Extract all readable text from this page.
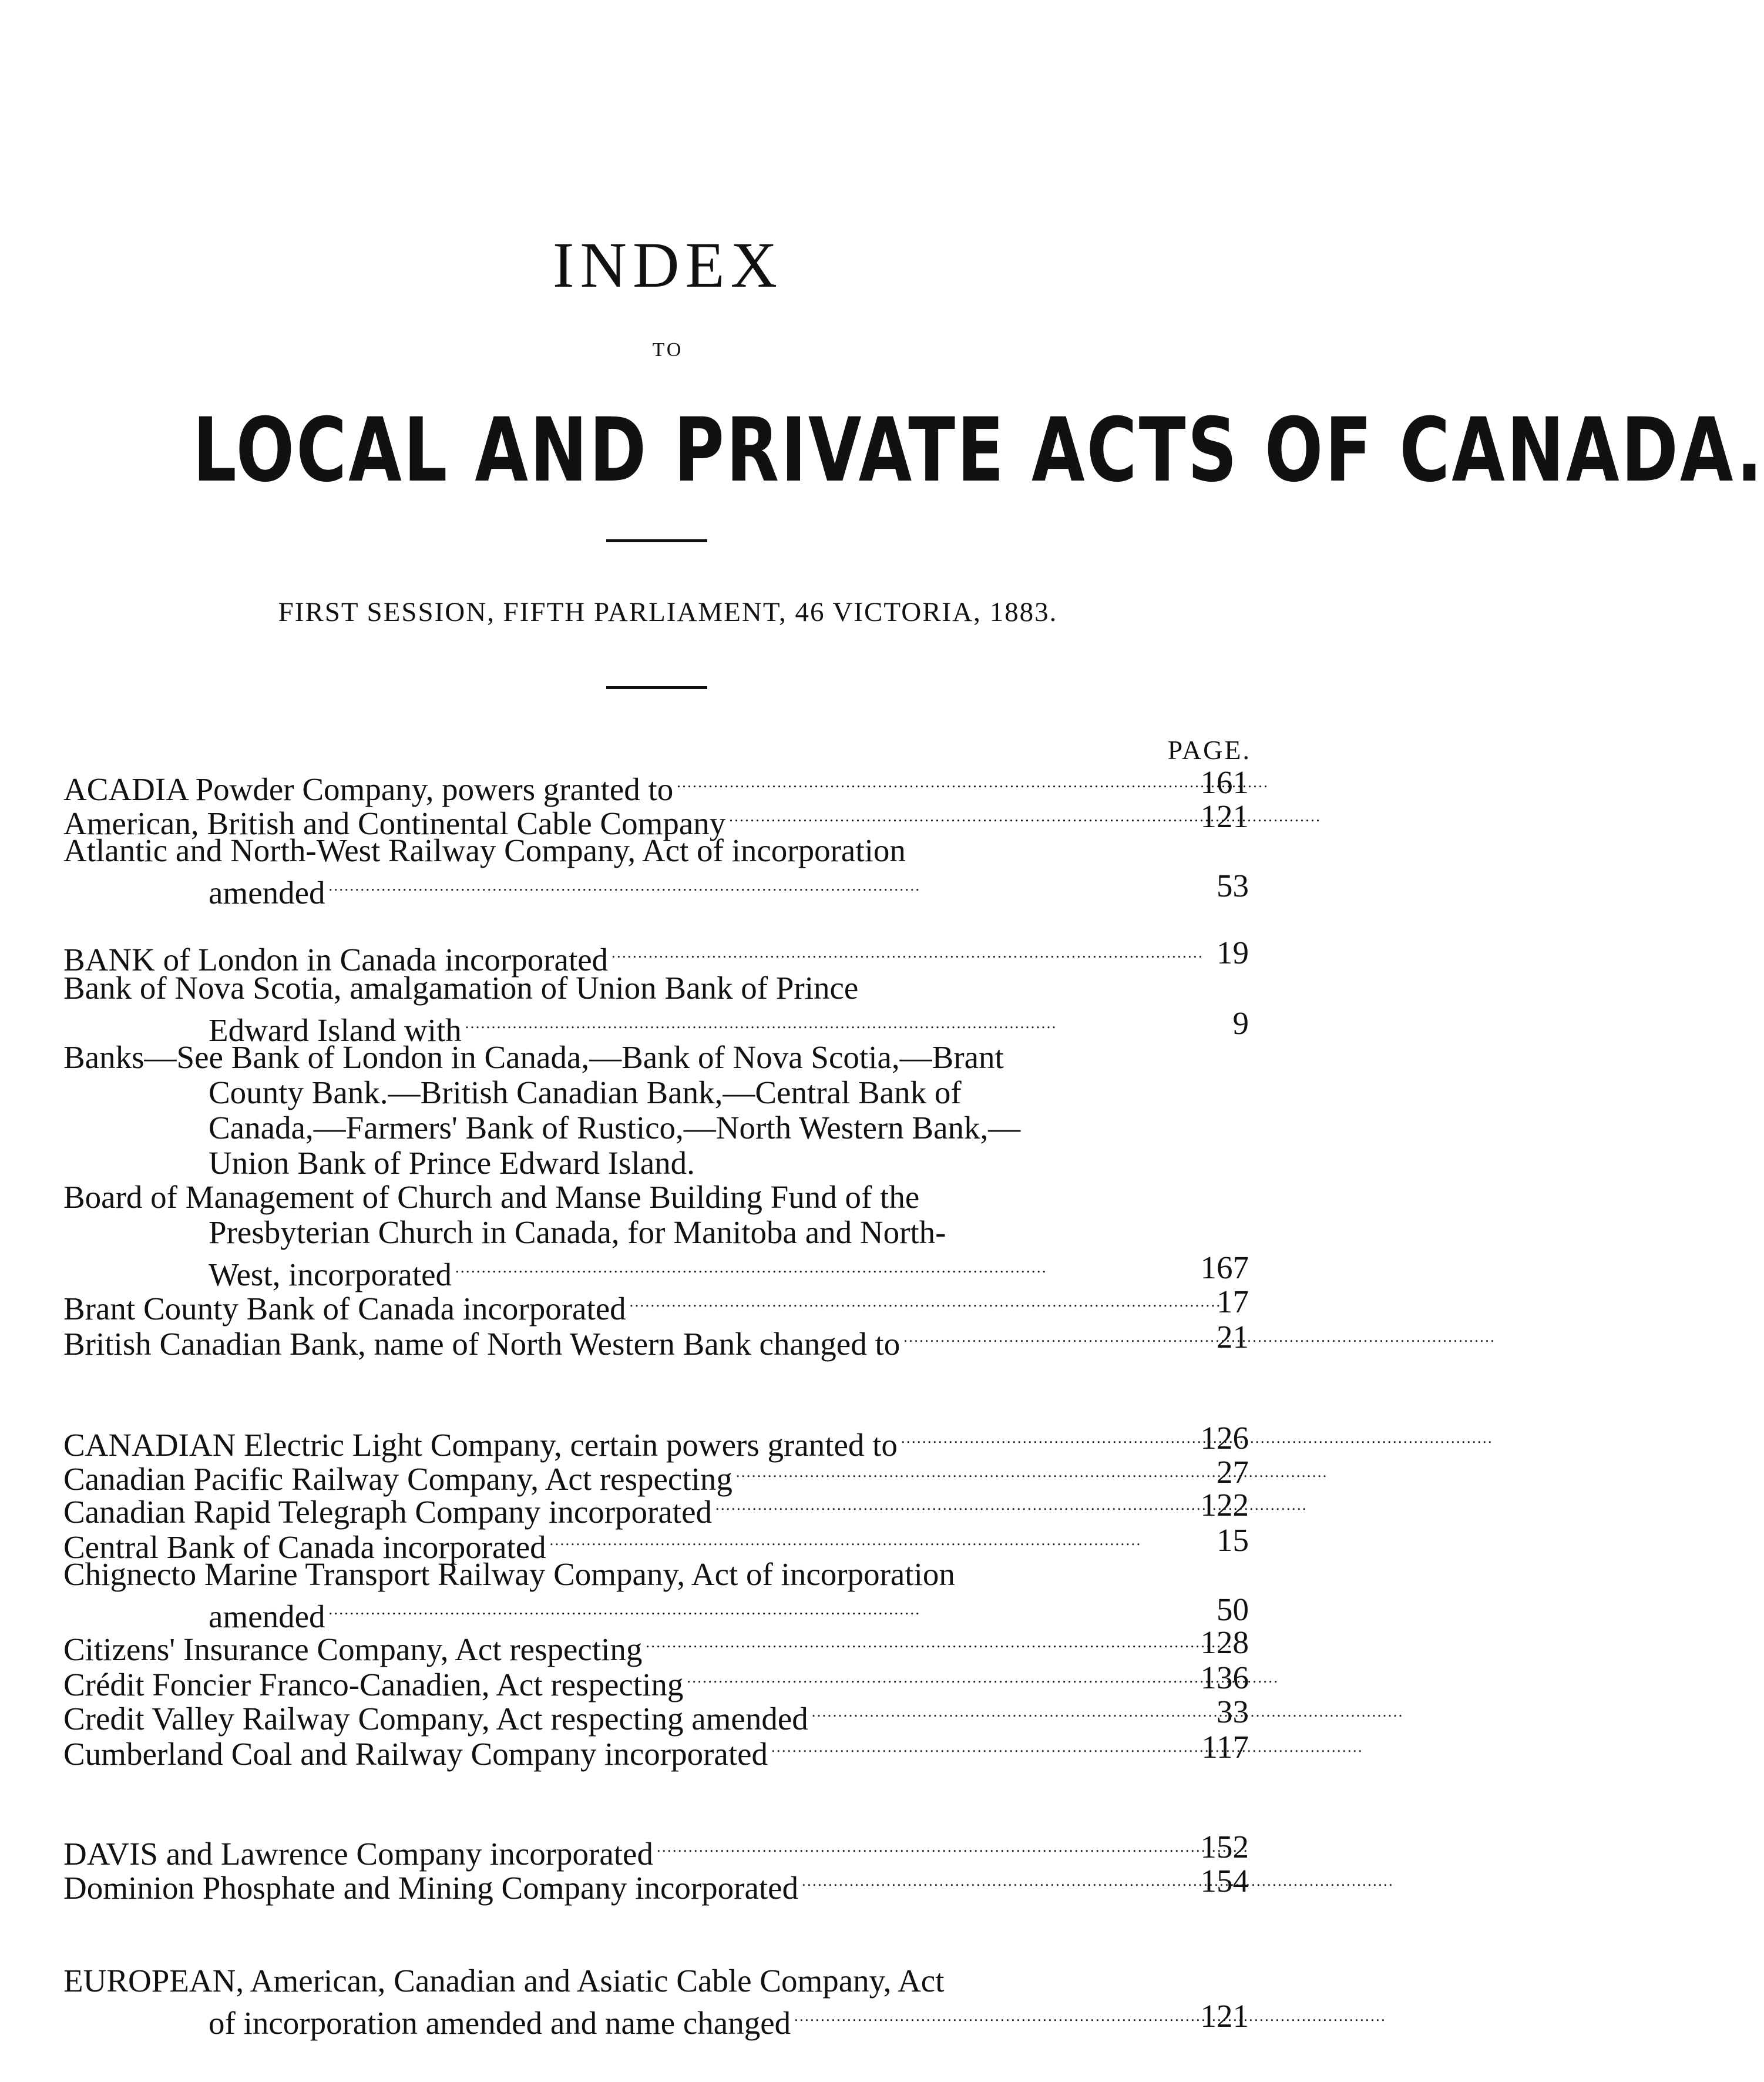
INDEX
TO
LOCAL AND PRIVATE ACTS OF CANADA.
FIRST SESSION, FIFTH PARLIAMENT, 46 VICTORIA, 1883.
PAGE.
ACADIA Powder Company, powers granted to . . .	161
American, British and Continental Cable Company . . .	121
Atlantic and North-West Railway Company, Act of incorporation
amended . . .	53
BANK of London in Canada incorporated . . .	19
Bank of Nova Scotia, amalgamation of Union Bank of Prince
Edward Island with . . .	9
Banks—See Bank of London in Canada,—Bank of Nova Scotia,—Brant
County Bank.—British Canadian Bank,—Central Bank of
Canada,—Farmers' Bank of Rustico,—North Western Bank,—
Union Bank of Prince Edward Island.
Board of Management of Church and Manse Building Fund of the
Presbyterian Church in Canada, for Manitoba and North-
West, incorporated . . .	167
Brant County Bank of Canada incorporated . . .	17
British Canadian Bank, name of North Western Bank changed to . . .	21
CANADIAN Electric Light Company, certain powers granted to . . .	126
Canadian Pacific Railway Company, Act respecting . . .	27
Canadian Rapid Telegraph Company incorporated . . .	122
Central Bank of Canada incorporated . . .	15
Chignecto Marine Transport Railway Company, Act of incorporation
amended . . .	50
Citizens' Insurance Company, Act respecting . . .	128
Crédit Foncier Franco-Canadien, Act respecting . . .	136
Credit Valley Railway Company, Act respecting amended . . .	33
Cumberland Coal and Railway Company incorporated . . .	117
DAVIS and Lawrence Company incorporated . . .	152
Dominion Phosphate and Mining Company incorporated . . .	154
EUROPEAN, American, Canadian and Asiatic Cable Company, Act
of incorporation amended and name changed . . .	121
